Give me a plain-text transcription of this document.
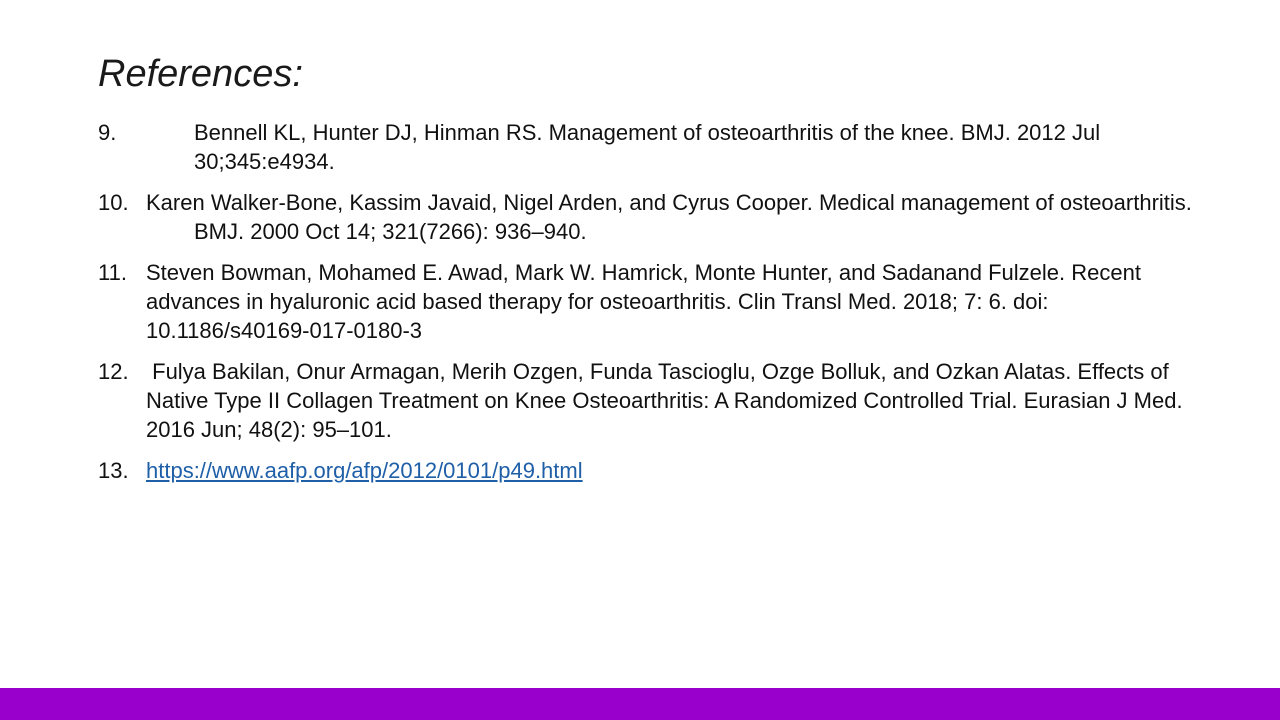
References:
9.	Bennell KL, Hunter DJ, Hinman RS. Management of osteoarthritis of the knee. BMJ. 2012 Jul 30;345:e4934.
10. Karen Walker-Bone, Kassim Javaid, Nigel Arden, and Cyrus Cooper. Medical management of osteoarthritis. BMJ. 2000 Oct 14; 321(7266): 936–940.
11. Steven Bowman, Mohamed E. Awad, Mark W. Hamrick, Monte Hunter, and Sadanand Fulzele. Recent advances in hyaluronic acid based therapy for osteoarthritis. Clin Transl Med. 2018; 7: 6. doi: 10.1186/s40169-017-0180-3
12. Fulya Bakilan, Onur Armagan, Merih Ozgen, Funda Tascioglu, Ozge Bolluk, and Ozkan Alatas. Effects of Native Type II Collagen Treatment on Knee Osteoarthritis: A Randomized Controlled Trial. Eurasian J Med. 2016 Jun; 48(2): 95–101.
13. https://www.aafp.org/afp/2012/0101/p49.html
